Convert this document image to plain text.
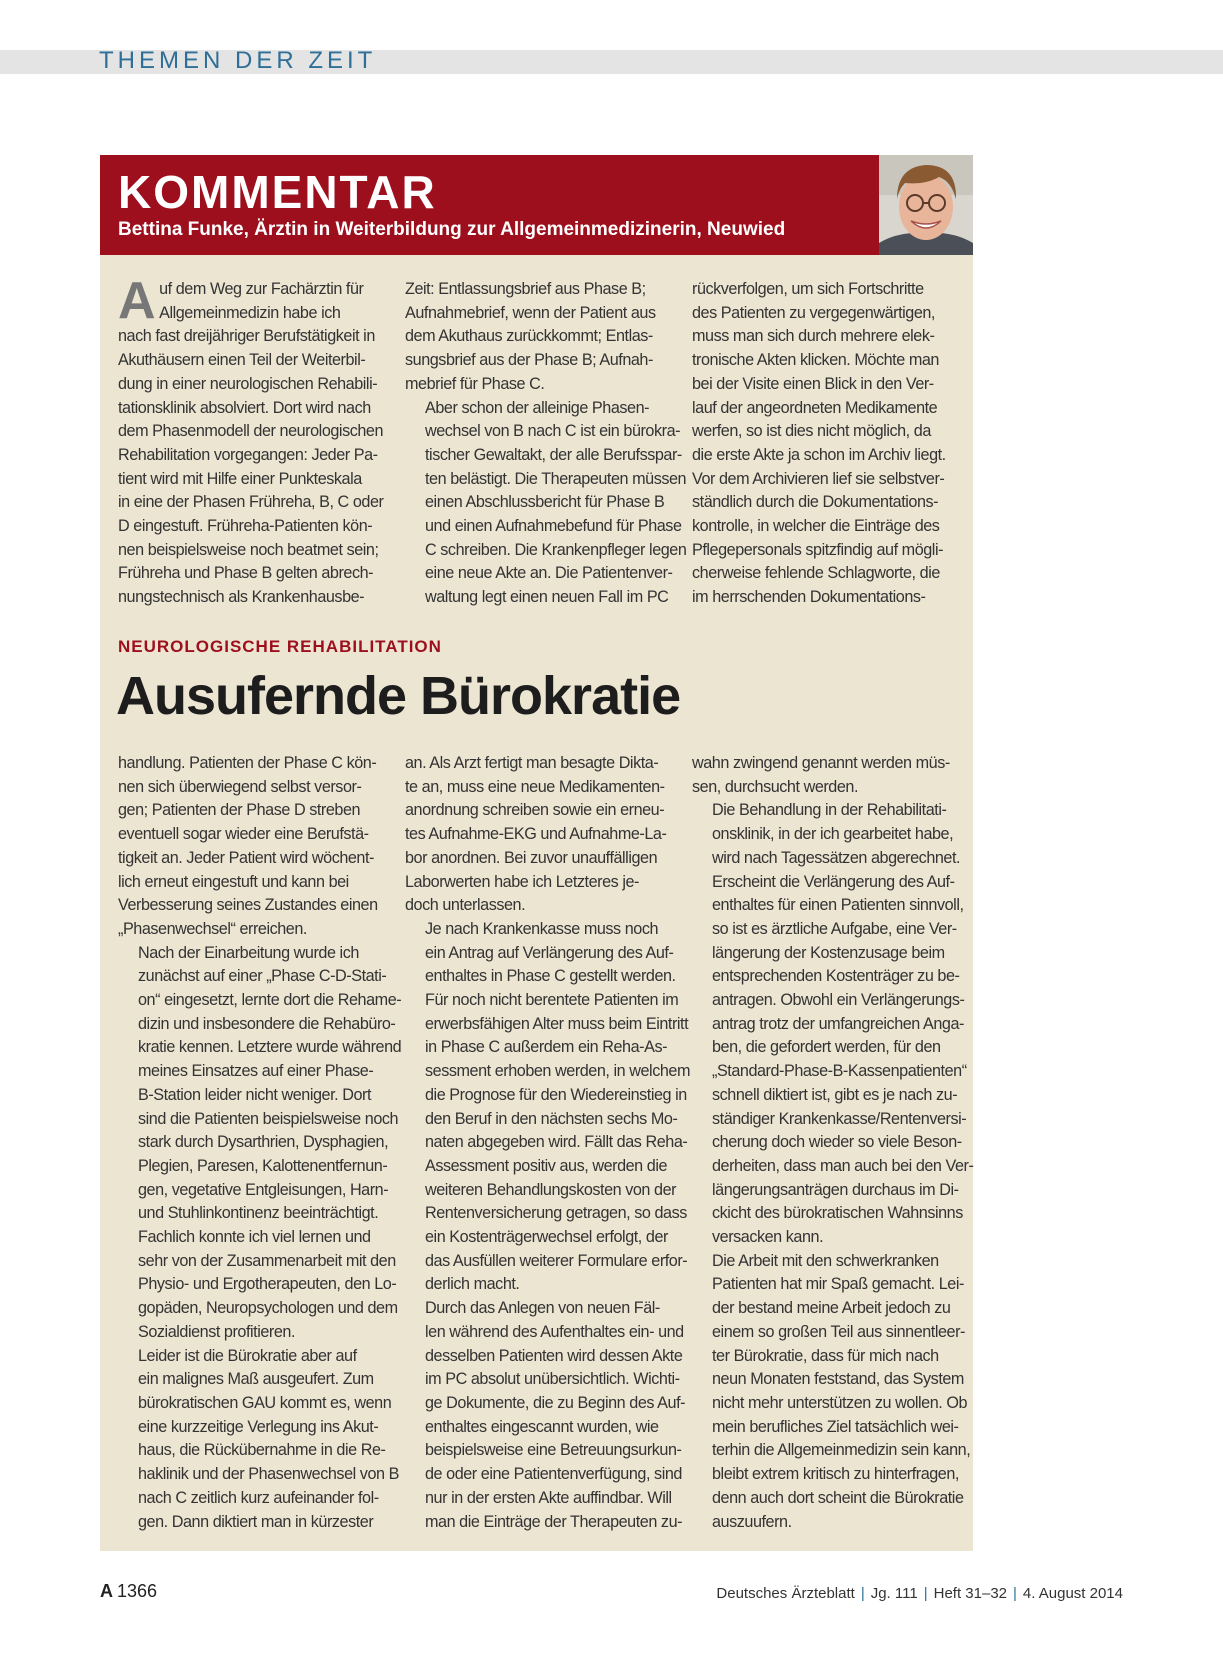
THEMEN DER ZEIT
KOMMENTAR
Bettina Funke, Ärztin in Weiterbildung zur Allgemeinmedizinerin, Neuwied

A uf dem Weg zur Fachärztin für
Allgemeinmedizin habe ich
nach fast dreijähriger Berufstätigkeit in
Akuthäusern einen Teil der Weiterbil-
dung in einer neurologischen Rehabili-
tationsklinik absolviert. Dort wird nach
dem Phasenmodell der neurologischen
Rehabilitation vorgegangen: Jeder Pa-
tient wird mit Hilfe einer Punkteskala
in eine der Phasen Frühreha, B, C oder
D eingestuft. Frühreha-Patienten kön-
nen beispielsweise noch beatmet sein;
Frühreha und Phase B gelten abrech-
nungstechnisch als Krankenhausbe-

Zeit: Entlassungsbrief aus Phase B;
Aufnahmebrief, wenn der Patient aus
dem Akuthaus zurückkommt; Entlas-
sungsbrief aus der Phase B; Aufnah-
mebrief für Phase C.

Aber schon der alleinige Phasen-
wechsel von B nach C ist ein bürokra-
tischer Gewaltakt, der alle Berufsspar-
ten belästigt. Die Therapeuten müssen
einen Abschlussbericht für Phase B
und einen Aufnahmebefund für Phase
C schreiben. Die Krankenpfleger legen
eine neue Akte an. Die Patientenver-
waltung legt einen neuen Fall im PC

rückverfolgen, um sich Fortschritte
des Patienten zu vergegenwärtigen,
muss man sich durch mehrere elek-
tronische Akten klicken. Möchte man
bei der Visite einen Blick in den Ver-
lauf der angeordneten Medikamente
werfen, so ist dies nicht möglich, da
die erste Akte ja schon im Archiv liegt.
Vor dem Archivieren lief sie selbstver-
ständlich durch die Dokumentations-
kontrolle, in welcher die Einträge des
Pflegepersonals spitzfindig auf mögli-
cherweise fehlende Schlagworte, die
im herrschenden Dokumentations-

NEUROLOGISCHE REHABILITATION
Ausufernde Bürokratie

handlung. Patienten der Phase C kön-
nen sich überwiegend selbst versor-
gen; Patienten der Phase D streben
eventuell sogar wieder eine Berufstä-
tigkeit an. Jeder Patient wird wöchent-
lich erneut eingestuft und kann bei
Verbesserung seines Zustandes einen
„Phasenwechsel“ erreichen.

Nach der Einarbeitung wurde ich
zunächst auf einer „Phase C-D-Stati-
on“ eingesetzt, lernte dort die Rehame-
dizin und insbesondere die Rehabüro-
kratie kennen. Letztere wurde während
meines Einsatzes auf einer Phase-
B-Station leider nicht weniger. Dort
sind die Patienten beispielsweise noch
stark durch Dysarthrien, Dysphagien,
Plegien, Paresen, Kalottenentfernun-
gen, vegetative Entgleisungen, Harn-
und Stuhlinkontinenz beeinträchtigt.
Fachlich konnte ich viel lernen und
sehr von der Zusammenarbeit mit den
Physio- und Ergotherapeuten, den Lo-
gopäden, Neuropsychologen und dem
Sozialdienst profitieren.

Leider ist die Bürokratie aber auf
ein malignes Maß ausgeufert. Zum
bürokratischen GAU kommt es, wenn
eine kurzzeitige Verlegung ins Akut-
haus, die Rückübernahme in die Re-
haklinik und der Phasenwechsel von B
nach C zeitlich kurz aufeinander fol-
gen. Dann diktiert man in kürzester

an. Als Arzt fertigt man besagte Dikta-
te an, muss eine neue Medikamenten-
anordnung schreiben sowie ein erneu-
tes Aufnahme-EKG und Aufnahme-La-
bor anordnen. Bei zuvor unauffälligen
Laborwerten habe ich Letzteres je-
doch unterlassen.

Je nach Krankenkasse muss noch
ein Antrag auf Verlängerung des Auf-
enthaltes in Phase C gestellt werden.
Für noch nicht berentete Patienten im
erwerbsfähigen Alter muss beim Eintritt
in Phase C außerdem ein Reha-As-
sessment erhoben werden, in welchem
die Prognose für den Wiedereinstieg in
den Beruf in den nächsten sechs Mo-
naten abgegeben wird. Fällt das Reha-
Assessment positiv aus, werden die
weiteren Behandlungskosten von der
Rentenversicherung getragen, so dass
ein Kostenträgerwechsel erfolgt, der
das Ausfüllen weiterer Formulare erfor-
derlich macht.

Durch das Anlegen von neuen Fäl-
len während des Aufenthaltes ein- und
desselben Patienten wird dessen Akte
im PC absolut unübersichtlich. Wichti-
ge Dokumente, die zu Beginn des Auf-
enthaltes eingescannt wurden, wie
beispielsweise eine Betreuungsurkun-
de oder eine Patientenverfügung, sind
nur in der ersten Akte auffindbar. Will
man die Einträge der Therapeuten zu-

wahn zwingend genannt werden müs-
sen, durchsucht werden.

Die Behandlung in der Rehabilitati-
onsklinik, in der ich gearbeitet habe,
wird nach Tagessätzen abgerechnet.
Erscheint die Verlängerung des Auf-
enthaltes für einen Patienten sinnvoll,
so ist es ärztliche Aufgabe, eine Ver-
längerung der Kostenzusage beim
entsprechenden Kostenträger zu be-
antragen. Obwohl ein Verlängerungs-
antrag trotz der umfangreichen Anga-
ben, die gefordert werden, für den
„Standard-Phase-B-Kassenpatienten“
schnell diktiert ist, gibt es je nach zu-
ständiger Krankenkasse/Rentenversi-
cherung doch wieder so viele Beson-
derheiten, dass man auch bei den Ver-
längerungsanträgen durchaus im Di-
ckicht des bürokratischen Wahnsinns
versacken kann.

Die Arbeit mit den schwerkranken
Patienten hat mir Spaß gemacht. Lei-
der bestand meine Arbeit jedoch zu
einem so großen Teil aus sinnentleer-
ter Bürokratie, dass für mich nach
neun Monaten feststand, das System
nicht mehr unterstützen zu wollen. Ob
mein berufliches Ziel tatsächlich wei-
terhin die Allgemeinmedizin sein kann,
bleibt extrem kritisch zu hinterfragen,
denn auch dort scheint die Bürokratie
auszuufern.

A 1366	Deutsches Ärzteblatt | Jg. 111 | Heft 31–32 | 4. August 2014
